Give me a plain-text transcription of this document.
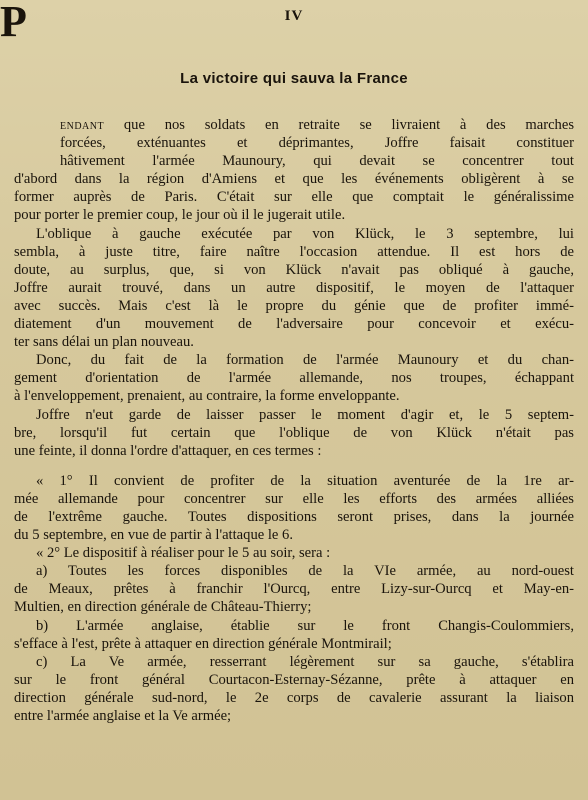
IV
La victoire qui sauva la France

P
endant que nos soldats en retraite se livraient à des marches
forcées, exténuantes et déprimantes, Joffre faisait constituer
hâtivement l'armée Maunoury, qui devait se concentrer tout
d'abord dans la région d'Amiens et que les événements obligèrent à se
former auprès de Paris. C'était sur elle que comptait le généralissime
pour porter le premier coup, le jour où il le jugerait utile.

L'oblique à gauche exécutée par von Klück, le 3 septembre, lui
sembla, à juste titre, faire naître l'occasion attendue. Il est hors de
doute, au surplus, que, si von Klück n'avait pas obliqué à gauche,
Joffre aurait trouvé, dans un autre dispositif, le moyen de l'attaquer
avec succès. Mais c'est là le propre du génie que de profiter immé-
diatement d'un mouvement de l'adversaire pour concevoir et exécu-
ter sans délai un plan nouveau.

Donc, du fait de la formation de l'armée Maunoury et du chan-
gement d'orientation de l'armée allemande, nos troupes, échappant
à l'enveloppement, prenaient, au contraire, la forme enveloppante.

Joffre n'eut garde de laisser passer le moment d'agir et, le 5 septem-
bre, lorsqu'il fut certain que l'oblique de von Klück n'était pas
une feinte, il donna l'ordre d'attaquer, en ces termes :

« 1° Il convient de profiter de la situation aventurée de la 1re ar-
mée allemande pour concentrer sur elle les efforts des armées alliées
de l'extrême gauche. Toutes dispositions seront prises, dans la journée
du 5 septembre, en vue de partir à l'attaque le 6.

« 2° Le dispositif à réaliser pour le 5 au soir, sera :

a) Toutes les forces disponibles de la VIe armée, au nord-ouest
de Meaux, prêtes à franchir l'Ourcq, entre Lizy-sur-Ourcq et May-en-
Multien, en direction générale de Château-Thierry;

b) L'armée anglaise, établie sur le front Changis-Coulommiers,
s'efface à l'est, prête à attaquer en direction générale Montmirail;

c) La Ve armée, resserrant légèrement sur sa gauche, s'établira
sur le front général Courtacon-Esternay-Sézanne, prête à attaquer en
direction générale sud-nord, le 2e corps de cavalerie assurant la liaison
entre l'armée anglaise et la Ve armée;
